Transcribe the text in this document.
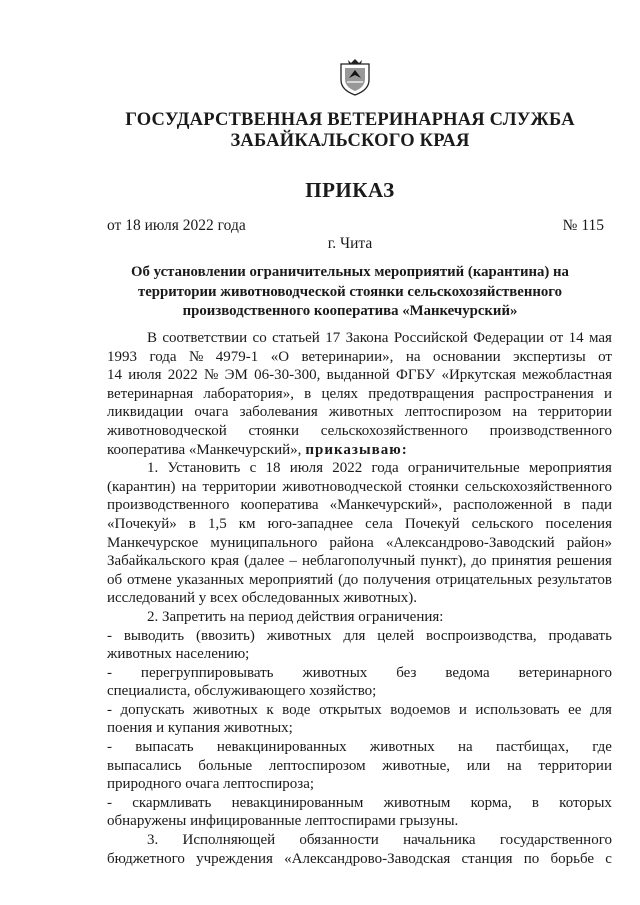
ГОСУДАРСТВЕННАЯ ВЕТЕРИНАРНАЯ СЛУЖБА
ЗАБАЙКАЛЬСКОГО КРАЯ
ПРИКАЗ
от 18 июля 2022 года	№ 115
г. Чита
Об установлении ограничительных мероприятий (карантина) на
территории животноводческой стоянки сельскохозяйственного
производственного кооператива «Манкечурский»
В соответствии со статьей 17 Закона Российской Федерации от 14 мая
1993 года № 4979-1 «О ветеринарии», на основании экспертизы от
14 июля 2022 № ЭМ 06-30-300, выданной ФГБУ «Иркутская межобластная
ветеринарная лаборатория», в целях предотвращения распространения и
ликвидации очага заболевания животных лептоспирозом на территории
животноводческой стоянки сельскохозяйственного производственного
кооператива «Манкечурский», приказываю:
1. Установить с 18 июля 2022 года ограничительные мероприятия
(карантин) на территории животноводческой стоянки сельскохозяйственного
производственного кооператива «Манкечурский», расположенной в пади
«Почекуй» в 1,5 км юго-западнее села Почекуй сельского поселения
Манкечурское муниципального района «Александрово-Заводский район»
Забайкальского края (далее – неблагополучный пункт), до принятия решения
об отмене указанных мероприятий (до получения отрицательных результатов
исследований у всех обследованных животных).
2. Запретить на период действия ограничения:
- выводить (ввозить) животных для целей воспроизводства, продавать
животных населению;
- перегруппировывать животных без ведома ветеринарного
специалиста, обслуживающего хозяйство;
- допускать животных к воде открытых водоемов и использовать ее для
поения и купания животных;
- выпасать невакцинированных животных на пастбищах, где
выпасались больные лептоспирозом животные, или на территории
природного очага лептоспироза;
- скармливать невакцинированным животным корма, в которых
обнаружены инфицированные лептоспирами грызуны.
3. Исполняющей обязанности начальника государственного
бюджетного учреждения «Александрово-Заводская станция по борьбе с
